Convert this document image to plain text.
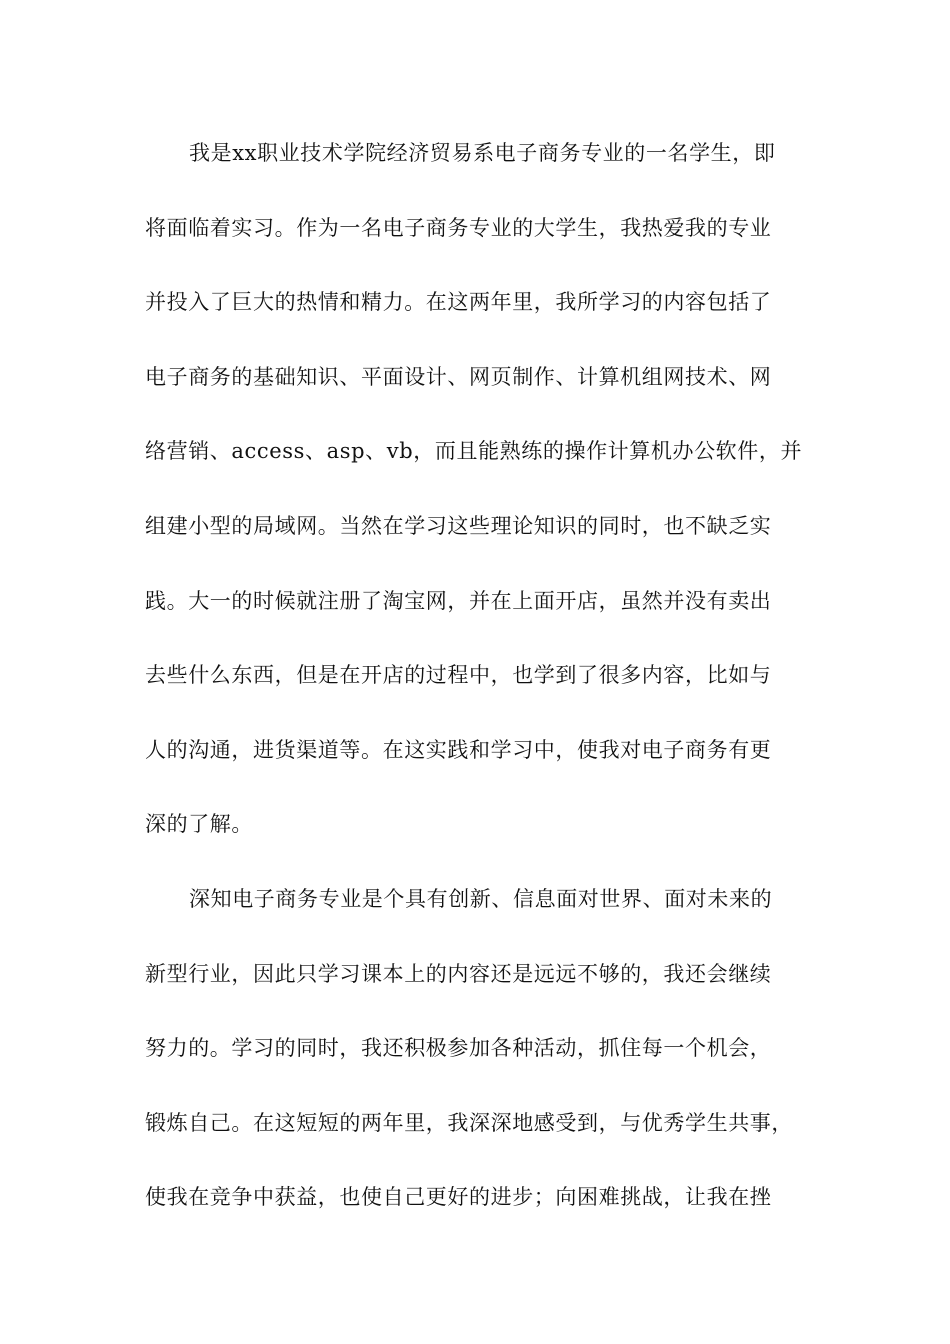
我是xx职业技术学院经济贸易系电子商务专业的一名学生，即
将面临着实习。作为一名电子商务专业的大学生，我热爱我的专业
并投入了巨大的热情和精力。在这两年里，我所学习的内容包括了
电子商务的基础知识、平面设计、网页制作、计算机组网技术、网
络营销、access、asp、vb，而且能熟练的操作计算机办公软件，并
组建小型的局域网。当然在学习这些理论知识的同时，也不缺乏实
践。大一的时候就注册了淘宝网，并在上面开店，虽然并没有卖出
去些什么东西，但是在开店的过程中，也学到了很多内容，比如与
人的沟通，进货渠道等。在这实践和学习中，使我对电子商务有更
深的了解。
深知电子商务专业是个具有创新、信息面对世界、面对未来的
新型行业，因此只学习课本上的内容还是远远不够的，我还会继续
努力的。学习的同时，我还积极参加各种活动，抓住每一个机会，
锻炼自己。在这短短的两年里，我深深地感受到，与优秀学生共事，
使我在竞争中获益，也使自己更好的进步；向困难挑战，让我在挫
